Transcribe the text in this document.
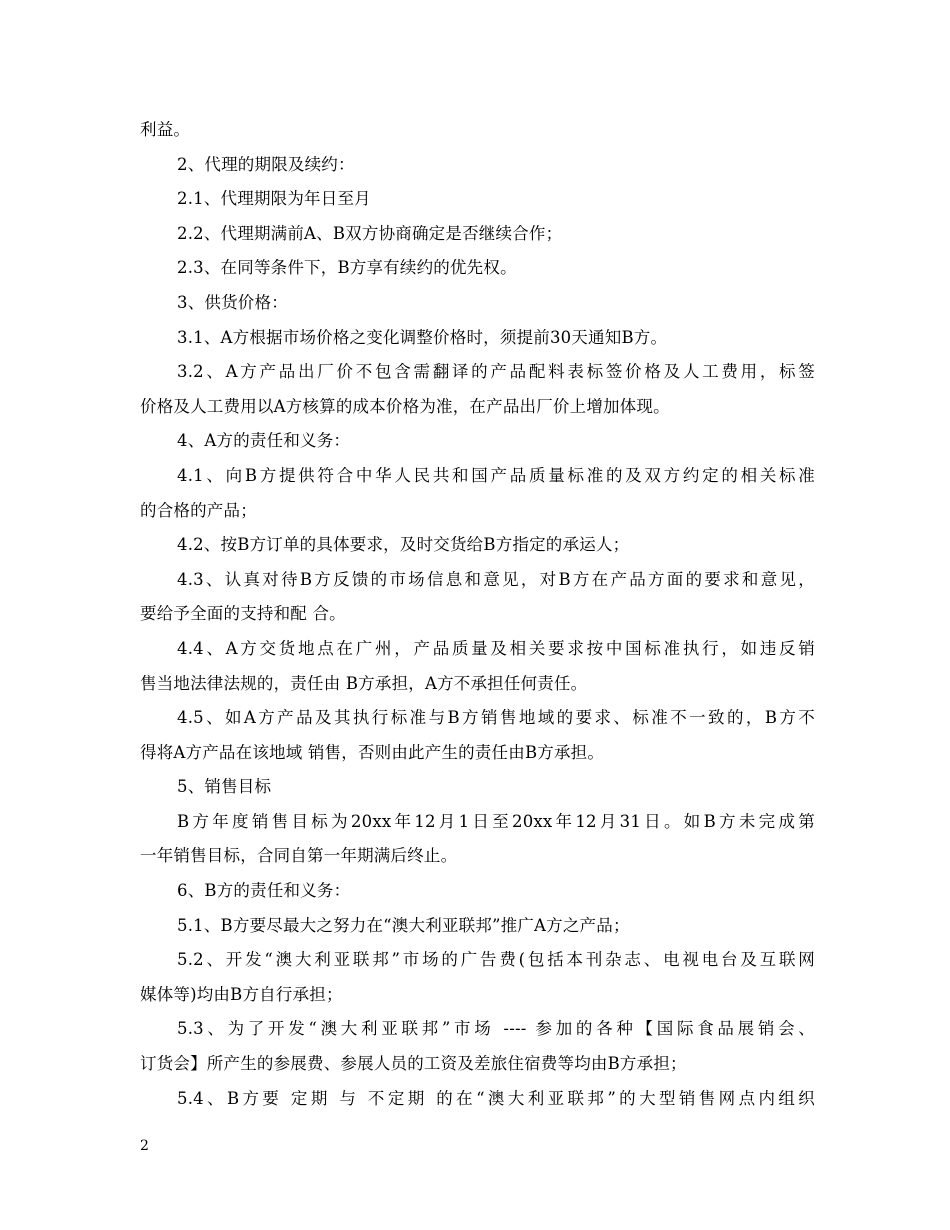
利益。
2、代理的期限及续约：
2.1、代理期限为年日至月
2.2、代理期满前A、B双方协商确定是否继续合作；
2.3、在同等条件下，B方享有续约的优先权。
3、供货价格：
3.1、A方根据市场价格之变化调整价格时，须提前30天通知B方。
3.2、A方产品出厂价不包含需翻译的产品配料表标签价格及人工费用，标签
价格及人工费用以A方核算的成本价格为准，在产品出厂价上增加体现。
4、A方的责任和义务：
4.1、向B方提供符合中华人民共和国产品质量标准的及双方约定的相关标准
的合格的产品；
4.2、按B方订单的具体要求，及时交货给B方指定的承运人；
4.3、认真对待B方反馈的市场信息和意见，对B方在产品方面的要求和意见，
要给予全面的支持和配 合。
4.4、A方交货地点在广州，产品质量及相关要求按中国标准执行，如违反销
售当地法律法规的，责任由 B方承担，A方不承担任何责任。
4.5、如A方产品及其执行标准与B方销售地域的要求、标准不一致的，B方不
得将A方产品在该地域 销售，否则由此产生的责任由B方承担。
5、销售目标
B方年度销售目标为20xx年12月1日至20xx年12月31日。如B方未完成第
一年销售目标，合同自第一年期满后终止。
6、B方的责任和义务：
5.1、B方要尽最大之努力在“澳大利亚联邦”推广A方之产品；
5.2、开发“澳大利亚联邦”市场的广告费(包括本刊杂志、电视电台及互联网
媒体等)均由B方自行承担；
5.3、为了开发“澳大利亚联邦”市场 ---- 参加的各种【国际食品展销会、
订货会】所产生的参展费、参展人员的工资及差旅住宿费等均由B方承担；
5.4、B方要 定期 与 不定期 的在“澳大利亚联邦”的大型销售网点内组织
2
